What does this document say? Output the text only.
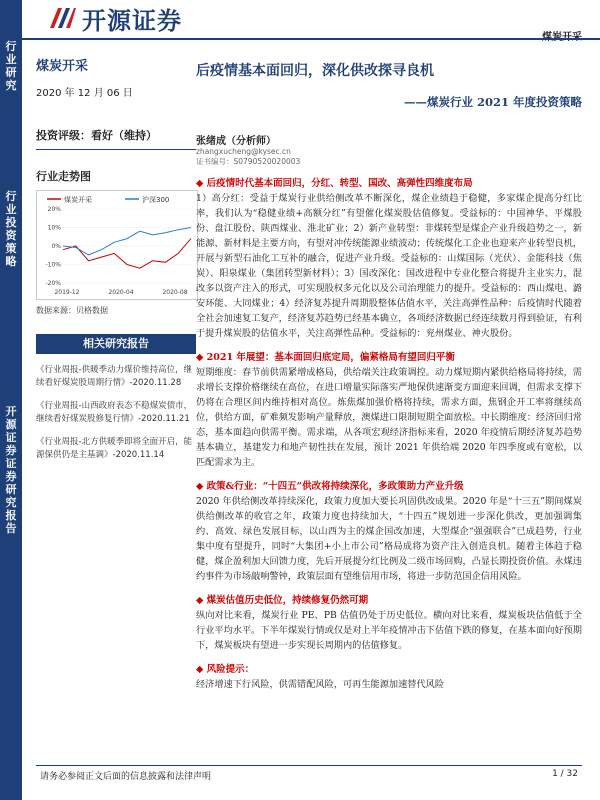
行业研究
行业投资策略
开源证券 证券研究报告
开源证券
煤炭开采
2020 年 12 月 06 日
投资评级：看好（维持）
行业走势图
煤炭开采	沪深300
20%
10%
0%
-10%
-20%
2019-12	2020-04	2020-08
数据来源：贝格数据
相关研究报告
《行业周报-供暖季动力煤价维持高位，继续看好煤炭股周期行情》-2020.11.28
《行业周报-山西政府表态不稳煤炭债市，继续看好煤炭股修复行情》-2020.11.21
《行业周报-北方供暖季即将全面开启，能源保供仍是主基调》-2020.11.14
后疫情基本面回归，深化供改探寻良机
——煤炭行业 2021 年度投资策略
张绪成（分析师）
zhangxucheng@kysec.cn
证书编号：S0790520020003
◆ 后疫情时代基本面回归，分红、转型、国改、高弹性四维度布局
1）高分红：受益于煤炭行业供给侧改革不断深化，煤企业绩趋于稳健，多家煤企提高分红比率，我们认为“稳健业绩+高额分红”有望催化煤炭股估值修复。受益标的：中国神华、平煤股份、盘江股份、陕西煤业、淮北矿业；2）新产业转型：非煤转型是煤企产业升级趋势之一，新能源、新材料是主要方向，有望对冲传统能源业绩波动；传统煤化工企业也迎来产业转型良机，开展与新型石油化工互补的融合，促进产业升级。受益标的：山煤国际（光伏）、金能科技（焦炭）、阳泉煤业（集团转型新材料）；3）国改深化：国改进程中专业化整合将提升主业实力，混改多以资产注入的形式，可实现股权多元化以及公司治理能力的提升。受益标的：西山煤电、潞安环能、大同煤业；4）经济复苏提升周期股整体估值水平，关注高弹性品种：后疫情时代随着全社会加速复工复产，经济复苏趋势已经基本确立，各项经济数据已经连续数月得到验证，有利于提升煤炭股的估值水平，关注高弹性品种。受益标的：兖州煤业、神火股份。
◆ 2021 年展望：基本面回归底定局，偏紧格局有望回归平衡
短期维度：春节前供需紧增成格局，供给端关注政策调控。动力煤短期内紧供给格局将持续，需求增长支撑价格继续在高位，在进口增量实际落实严地保供速渐变方面迎来回调，但需求支撑下仍将在合理区间内维持相对高位。炼焦煤加强价格将持续，需求方面，焦钢企开工率将继续高位，供给方面，矿难频发影响产量释放，澳煤进口限制短期全面放松。中长期维度：经济回归常态，基本面趋向供需平衡。需求端，从各项宏观经济指标来看，2020 年疫情后期经济复苏趋势基本确立，基建发力和地产韧性扶在发展，预计 2021 年供给端 2020 年四季度或有宽松，以匹配需求为主。
◆ 政策&行业：“十四五”供改将持续深化，多政策助力产业升级
2020 年供给侧改革持续深化，政策力度加大要长巩固供改成果。2020 年是“十三五”期间煤炭供给侧改革的收官之年，政策力度也持续加大，“十四五”规划进一步深化供改，更加强调集约、高效、绿色发展目标，以山西为主的煤企国改加速，大型煤企“强强联合”已成趋势，行业集中度有望提升，同时“大集团+小上市公司”格局成将为资产注入创造良机。随着主体趋于稳健，煤企盈利加大回馈力度，先后开展提分红比例及二级市场回购，凸显长期投资价值。永煤违约事件为市场敲响警钟，政策层面有望维信用市场，将进一步防范国企信用风险。
◆ 煤炭估值历史低位，持续修复仍然可期
纵向对比来看，煤炭行业 PE、PB 估值仍处于历史低位。横向对比来看，煤炭板块估值低于全行业平均水平。下半年煤炭行情或仅是对上半年疫情冲击下估值下跌的修复，在基本面向好预期下，煤炭板块有望进一步实现长周期内的估值修复。
◆ 风险提示：
经济增速下行风险，供需错配风险，可再生能源加速替代风险
请务必参阅正文后面的信息披露和法律声明	1 / 32
